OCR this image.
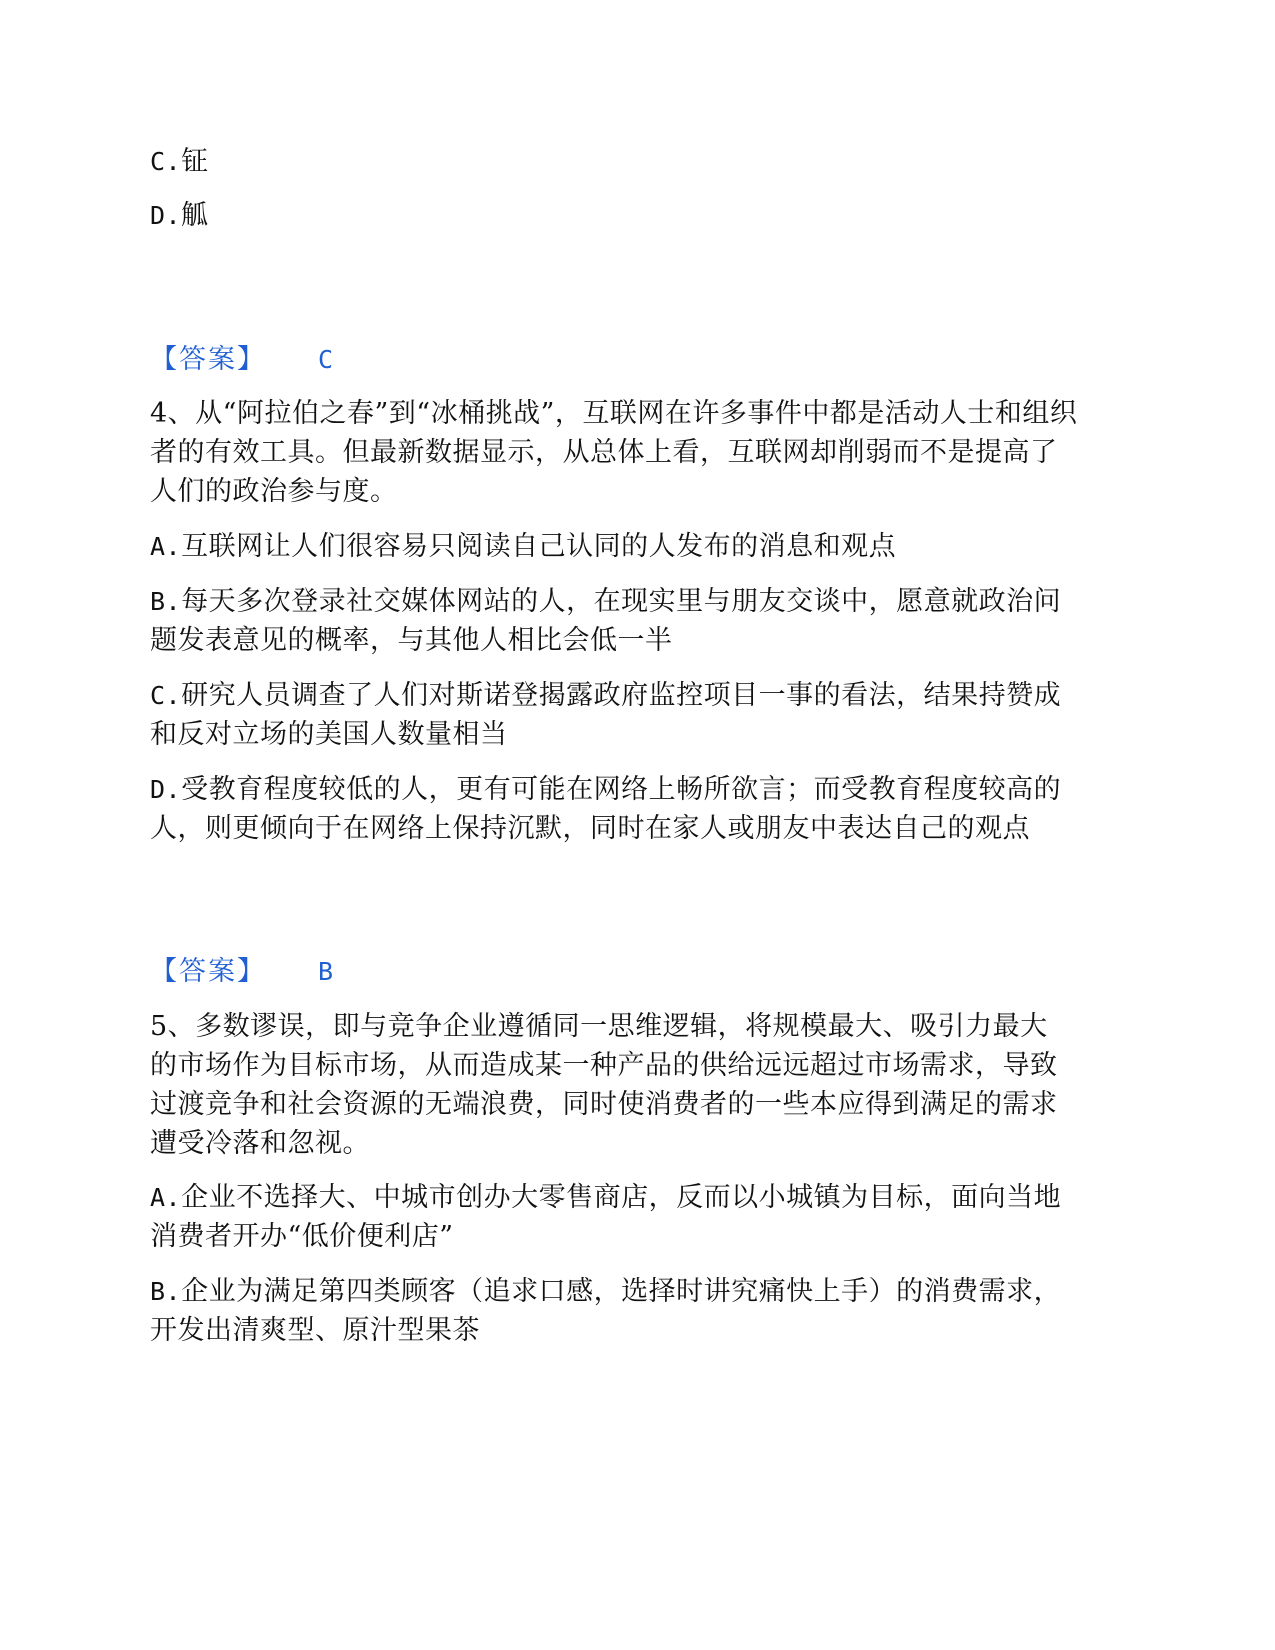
C.钲
D.觚
【答案】 C
4、从“阿拉伯之春”到“冰桶挑战”，互联网在许多事件中都是活动人士和组织
者的有效工具。但最新数据显示，从总体上看，互联网却削弱而不是提高了
人们的政治参与度。
A.互联网让人们很容易只阅读自己认同的人发布的消息和观点
B.每天多次登录社交媒体网站的人，在现实里与朋友交谈中，愿意就政治问
题发表意见的概率，与其他人相比会低一半
C.研究人员调查了人们对斯诺登揭露政府监控项目一事的看法，结果持赞成
和反对立场的美国人数量相当
D.受教育程度较低的人，更有可能在网络上畅所欲言；而受教育程度较高的
人，则更倾向于在网络上保持沉默，同时在家人或朋友中表达自己的观点
【答案】 B
5、多数谬误，即与竞争企业遵循同一思维逻辑，将规模最大、吸引力最大
的市场作为目标市场，从而造成某一种产品的供给远远超过市场需求，导致
过渡竞争和社会资源的无端浪费，同时使消费者的一些本应得到满足的需求
遭受冷落和忽视。
A.企业不选择大、中城市创办大零售商店，反而以小城镇为目标，面向当地
消费者开办“低价便利店”
B.企业为满足第四类顾客（追求口感，选择时讲究痛快上手）的消费需求，
开发出清爽型、原汁型果茶
